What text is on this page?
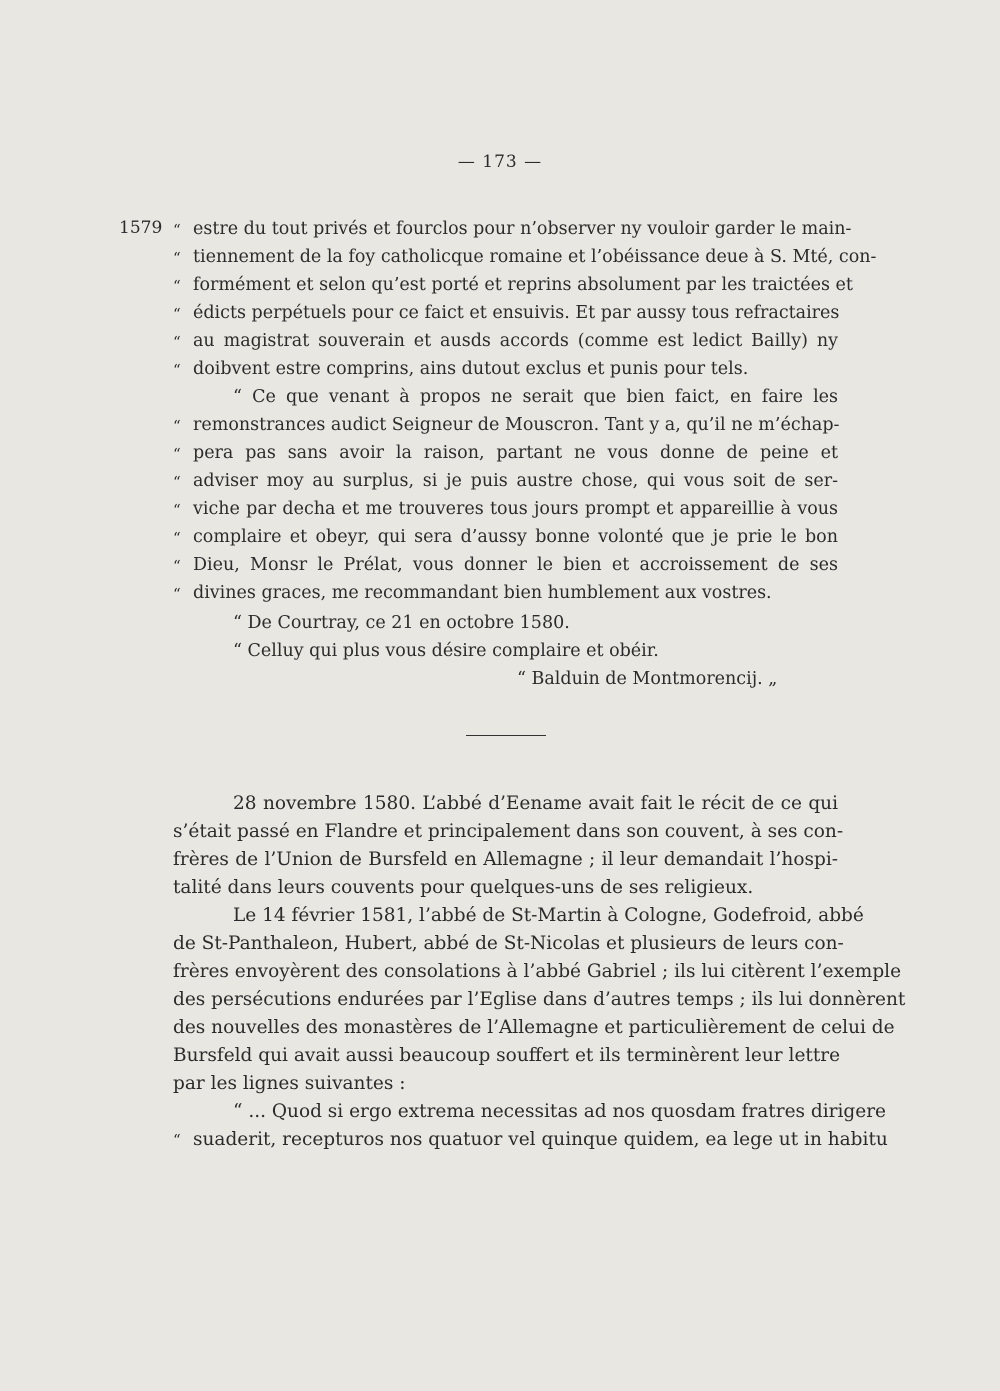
— 173 —
1579 “ estre du tout privés et fourclos pour n’observer ny vouloir garder le main-
“ tiennement de la foy catholicque romaine et l’obéissance deue à S. Mté, con-
“ formément et selon qu’est porté et reprins absolument par les traictées et
“ édicts perpétuels pour ce faict et ensuivis. Et par aussy tous refractaires
“ au magistrat souverain et ausds accords (comme est ledict Bailly) ny
“ doibvent estre comprins, ains dutout exclus et punis pour tels.
“ Ce que venant à propos ne serait que bien faict, en faire les
“ remonstrances audict Seigneur de Mouscron. Tant y a, qu’il ne m’échap-
“ pera pas sans avoir la raison, partant ne vous donne de peine et
“ adviser moy au surplus, si je puis austre chose, qui vous soit de ser-
“ viche par decha et me trouveres tous jours prompt et appareillie à vous
“ complaire et obeyr, qui sera d’aussy bonne volonté que je prie le bon
“ Dieu, Monsr le Prélat, vous donner le bien et accroissement de ses
“ divines graces, me recommandant bien humblement aux vostres.
“ De Courtray, ce 21 en octobre 1580.
“ Celluy qui plus vous désire complaire et obéir.
“ Balduin de Montmorencij. „
28 novembre 1580. L’abbé d’Eename avait fait le récit de ce qui
s’était passé en Flandre et principalement dans son couvent, à ses con-
frères de l’Union de Bursfeld en Allemagne ; il leur demandait l’hospi-
talité dans leurs couvents pour quelques-uns de ses religieux.
Le 14 février 1581, l’abbé de St-Martin à Cologne, Godefroid, abbé
de St-Panthaleon, Hubert, abbé de St-Nicolas et plusieurs de leurs con-
frères envoyèrent des consolations à l’abbé Gabriel ; ils lui citèrent l’exemple
des persécutions endurées par l’Eglise dans d’autres temps ; ils lui donnèrent
des nouvelles des monastères de l’Allemagne et particulièrement de celui de
Bursfeld qui avait aussi beaucoup souffert et ils terminèrent leur lettre
par les lignes suivantes :
“ ... Quod si ergo extrema necessitas ad nos quosdam fratres dirigere
“ suaderit, recepturos nos quatuor vel quinque quidem, ea lege ut in habitu
